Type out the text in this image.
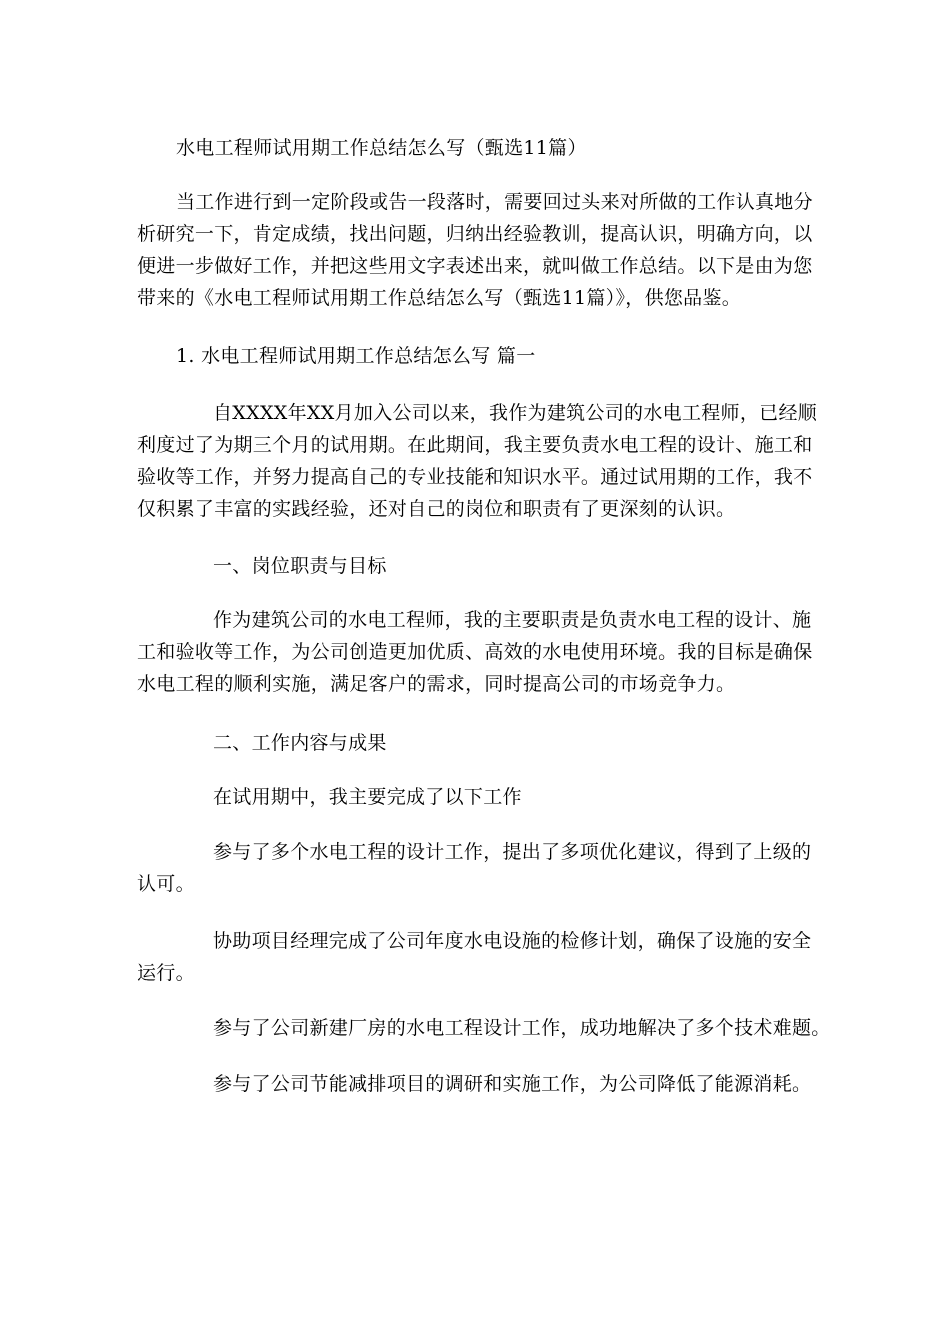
水电工程师试用期工作总结怎么写（甄选11篇）

当工作进行到一定阶段或告一段落时，需要回过头来对所做的工作认真地分

析研究一下，肯定成绩，找出问题，归纳出经验教训，提高认识，明确方向，以

便进一步做好工作，并把这些用文字表述出来，就叫做工作总结。以下是由为您

带来的《水电工程师试用期工作总结怎么写（甄选11篇）》，供您品鉴。

1. 水电工程师试用期工作总结怎么写 篇一

自XXXX年XX月加入公司以来，我作为建筑公司的水电工程师，已经顺

利度过了为期三个月的试用期。在此期间，我主要负责水电工程的设计、施工和

验收等工作，并努力提高自己的专业技能和知识水平。通过试用期的工作，我不

仅积累了丰富的实践经验，还对自己的岗位和职责有了更深刻的认识。

一、岗位职责与目标

作为建筑公司的水电工程师，我的主要职责是负责水电工程的设计、施

工和验收等工作，为公司创造更加优质、高效的水电使用环境。我的目标是确保

水电工程的顺利实施，满足客户的需求，同时提高公司的市场竞争力。

二、工作内容与成果
在试用期中，我主要完成了以下工作

参与了多个水电工程的设计工作，提出了多项优化建议，得到了上级的

认可。

协助项目经理完成了公司年度水电设施的检修计划，确保了设施的安全

运行。

参与了公司新建厂房的水电工程设计工作，成功地解决了多个技术难题。
参与了公司节能减排项目的调研和实施工作，为公司降低了能源消耗。
